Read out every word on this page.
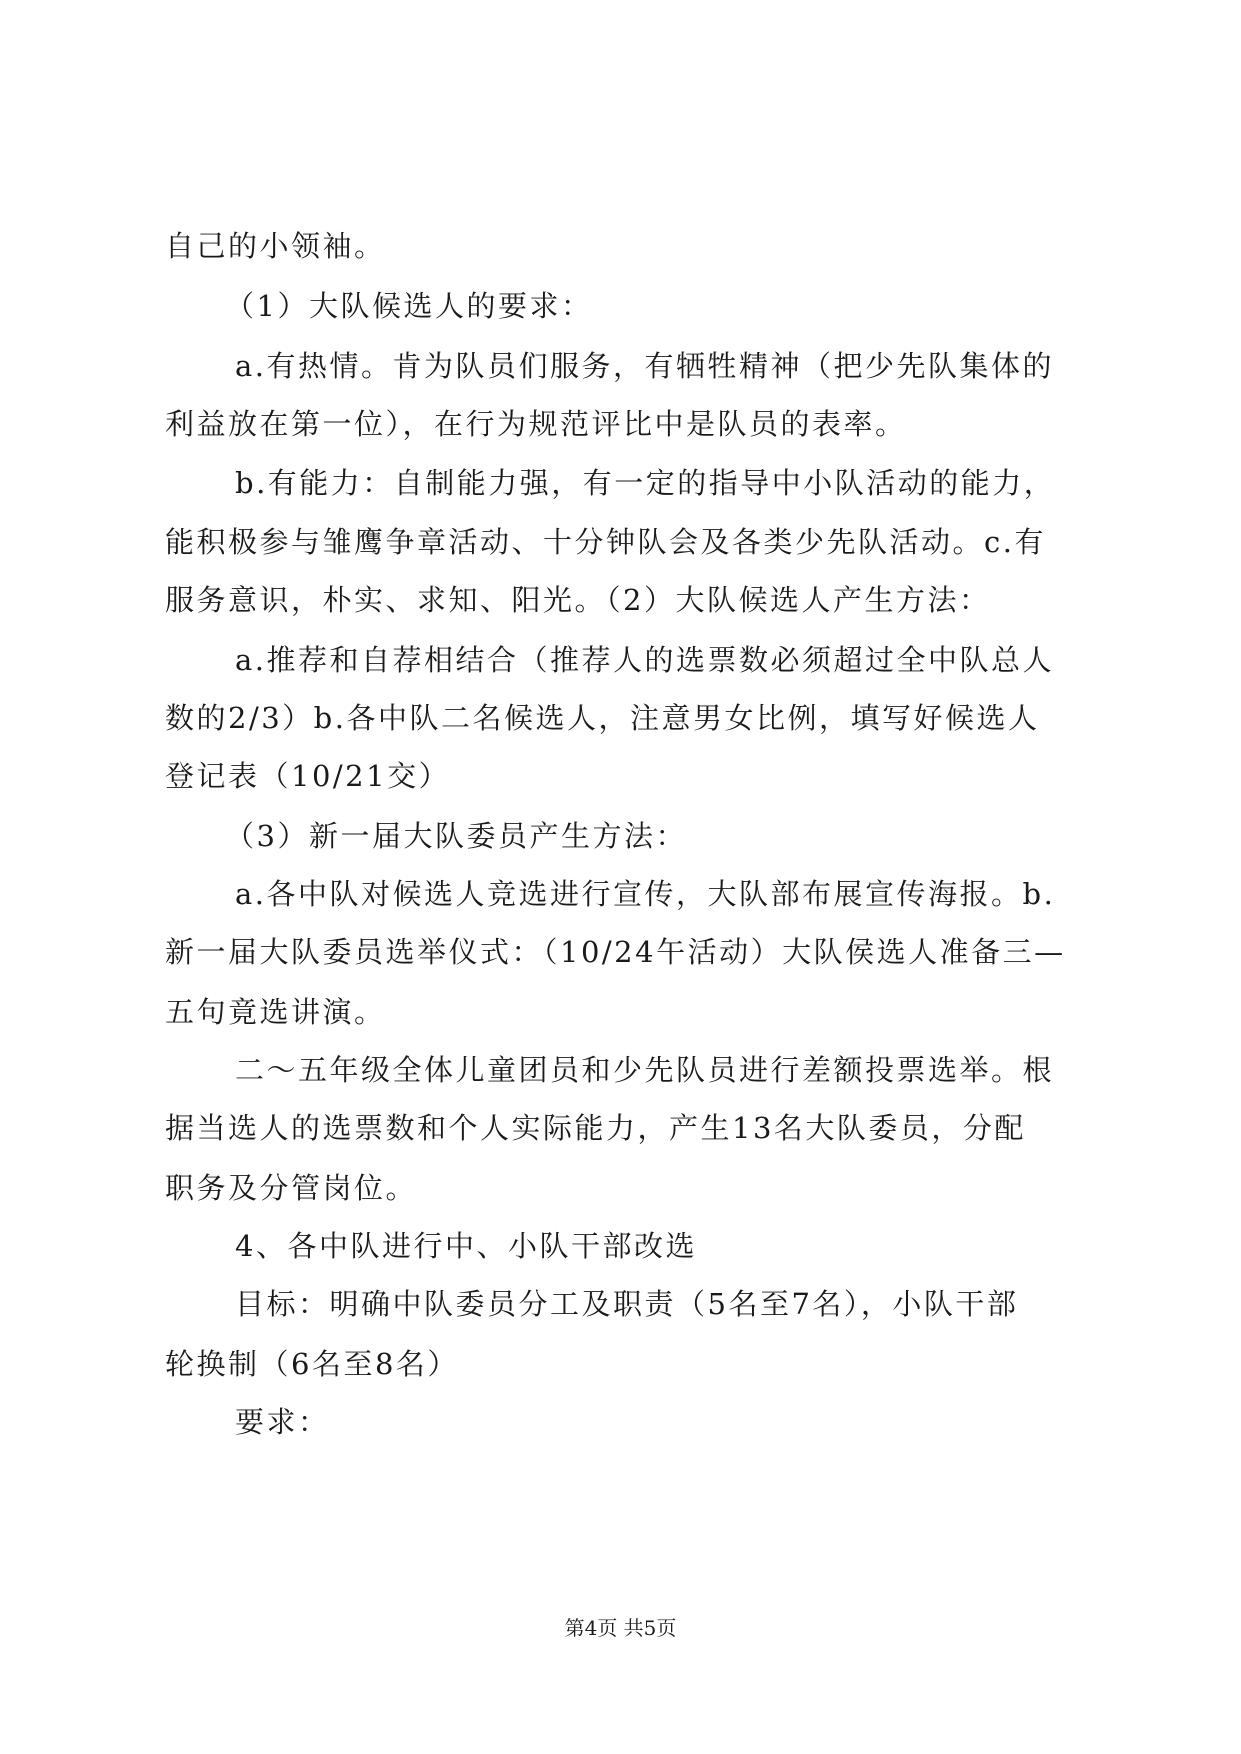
自己的小领袖。
（1）大队候选人的要求：
a.有热情。肯为队员们服务，有牺牲精神（把少先队集体的
利益放在第一位），在行为规范评比中是队员的表率。
b.有能力：自制能力强，有一定的指导中小队活动的能力，
能积极参与雏鹰争章活动、十分钟队会及各类少先队活动。c.有
服务意识，朴实、求知、阳光。（2）大队候选人产生方法：
a.推荐和自荐相结合（推荐人的选票数必须超过全中队总人
数的2/3）b.各中队二名候选人，注意男女比例，填写好候选人
登记表（10/21交）
（3）新一届大队委员产生方法：
a.各中队对候选人竞选进行宣传，大队部布展宣传海报。b.
新一届大队委员选举仪式：（10/24午活动）大队侯选人准备三—
五句竟选讲演。
二～五年级全体儿童团员和少先队员进行差额投票选举。根
据当选人的选票数和个人实际能力，产生13名大队委员，分配
职务及分管岗位。
4、各中队进行中、小队干部改选
目标：明确中队委员分工及职责（5名至7名），小队干部
轮换制（6名至8名）
要求：
第4页 共5页
